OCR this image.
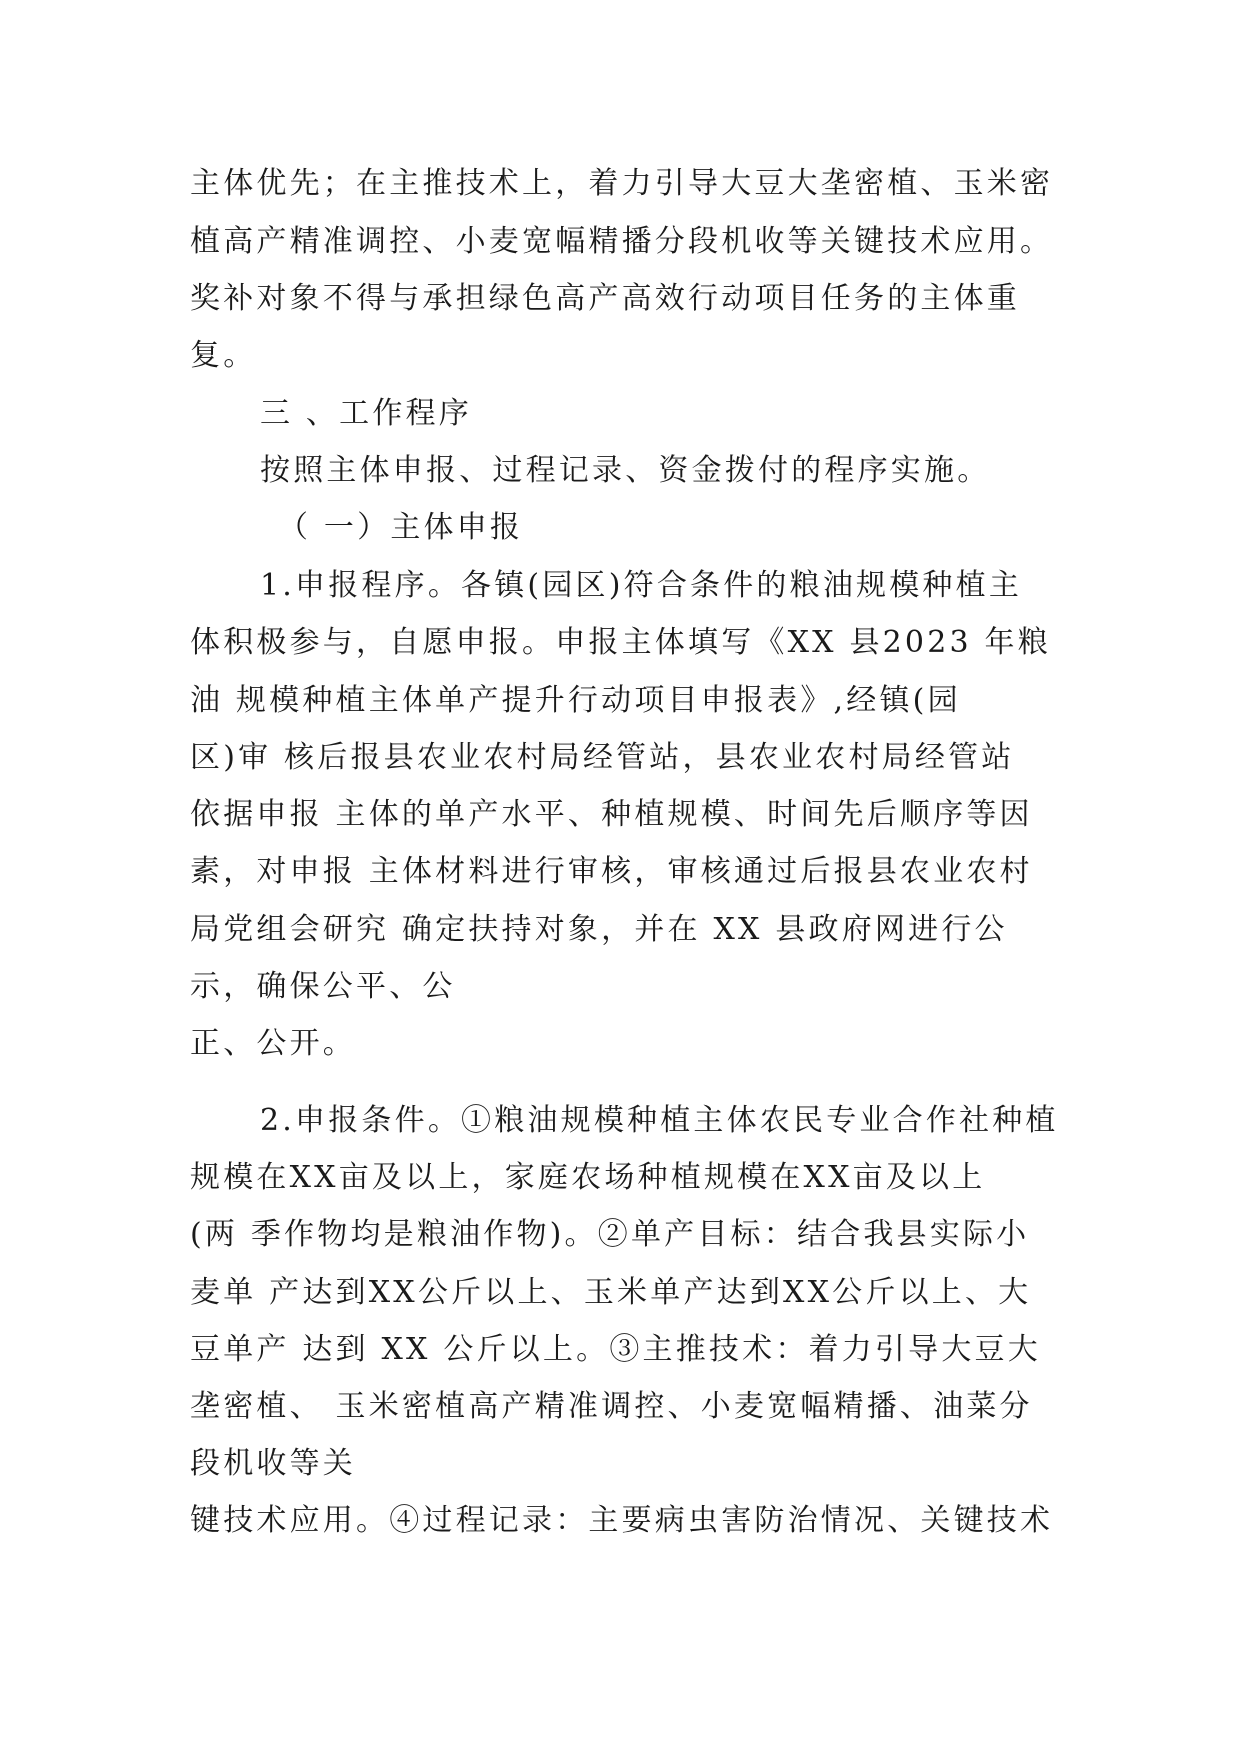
主体优先；在主推技术上，着力引导大豆大垄密植、玉米密

植高产精准调控、小麦宽幅精播分段机收等关键技术应用。

奖补对象不得与承担绿色高产高效行动项目任务的主体重

复。

三 、工作程序

按照主体申报、过程记录、资金拨付的程序实施。

（ 一）主体申报

1.申报程序。各镇(园区)符合条件的粮油规模种植主

体积极参与，自愿申报。申报主体填写《XX 县2023 年粮

油 规模种植主体单产提升行动项目申报表》,经镇(园

区)审 核后报县农业农村局经管站，县农业农村局经管站

依据申报 主体的单产水平、种植规模、时间先后顺序等因

素，对申报 主体材料进行审核，审核通过后报县农业农村

局党组会研究 确定扶持对象，并在 XX 县政府网进行公

示，确保公平、公

正、公开。

2.申报条件。①粮油规模种植主体农民专业合作社种植

规模在XX亩及以上，家庭农场种植规模在XX亩及以上

(两 季作物均是粮油作物)。②单产目标：结合我县实际小

麦单 产达到XX公斤以上、玉米单产达到XX公斤以上、大

豆单产 达到 XX 公斤以上。③主推技术：着力引导大豆大

垄密植、 玉米密植高产精准调控、小麦宽幅精播、油菜分

段机收等关

键技术应用。④过程记录：主要病虫害防治情况、关键技术
